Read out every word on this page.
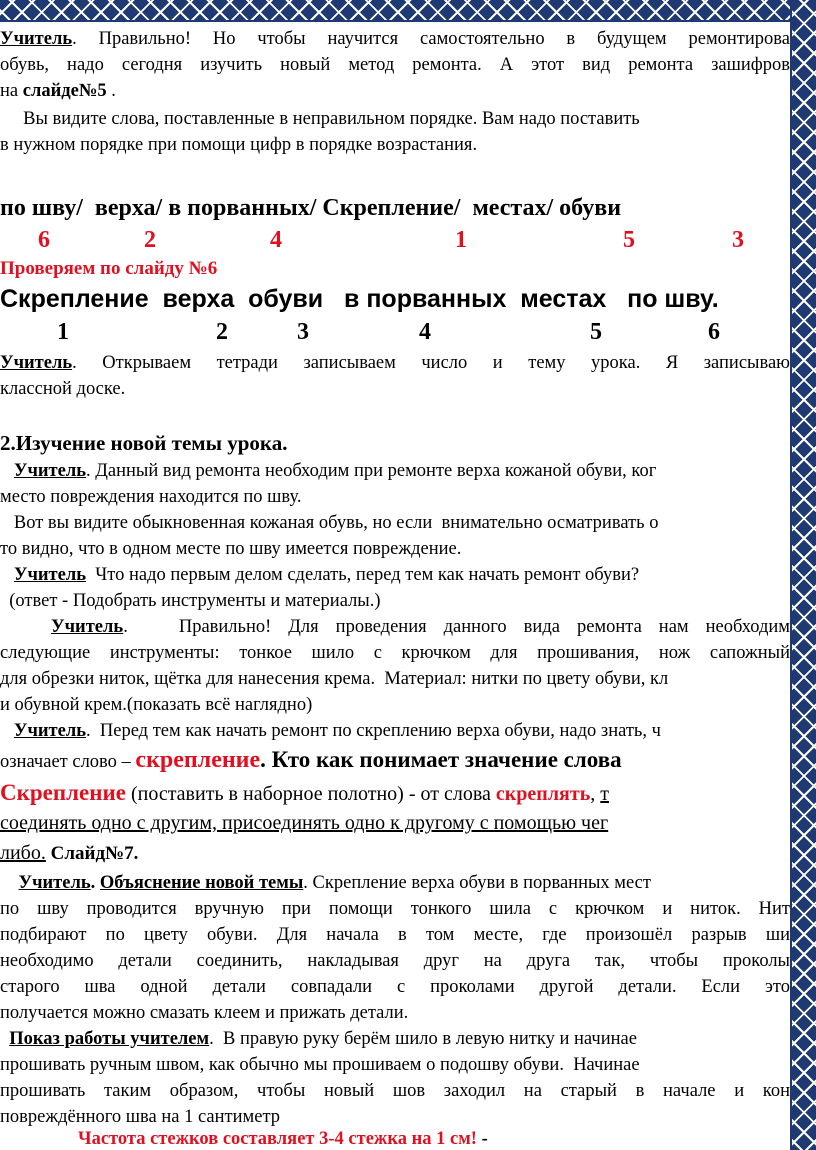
Учитель. Правильно! Но чтобы научится самостоятельно в будущем ремонтирова
обувь, надо сегодня изучить новый метод ремонта. А этот вид ремонта зашифров
на слайде№5 .
Вы видите слова, поставленные в неправильном порядке. Вам надо поставить
в нужном порядке при помощи цифр в порядке возрастания.
по шву/  верха/ в порванных/ Скрепление/  местах/ обуви
6	2	4	1	5	3
Проверяем по слайду №6
Скрепление  верха  обуви   в порванных  местах   по шву.
1	2	3	4	5	6
Учитель. Открываем тетради записываем число и тему урока. Я записываю
классной доске.
2.Изучение новой темы урока.
Учитель. Данный вид ремонта необходим при ремонте верха кожаной обуви, ког
место повреждения находится по шву.
Вот вы видите обыкновенная кожаная обувь, но если  внимательно осматривать о
то видно, что в одном месте по шву имеется повреждение.
Учитель  Что надо первым делом сделать, перед тем как начать ремонт обуви?
(ответ - Подобрать инструменты и материалы.)
Учитель.   Правильно! Для проведения данного вида ремонта нам необходим
следующие инструменты: тонкое шило с крючком для прошивания, нож сапожный
для обрезки ниток, щётка для нанесения крема.  Материал: нитки по цвету обуви, кл
и обувной крем.(показать всё наглядно)
Учитель.  Перед тем как начать ремонт по скреплению верха обуви, надо знать, ч
означает слово – скрепление. Кто как понимает значение слова
Скрепление (поставить в наборное полотно) - от слова скреплять, т
соединять одно с другим, присоединять одно к другому с помощью чег
либо. Слайд№7.
Учитель. Объяснение новой темы. Скрепление верха обуви в порванных мест
по шву проводится вручную при помощи тонкого шила с крючком и ниток. Нит
подбирают по цвету обуви. Для начала в том месте, где произошёл разрыв ши
необходимо детали соединить, накладывая друг на друга так, чтобы проколы
старого шва одной детали совпадали с проколами другой детали. Если это
получается можно смазать клеем и прижать детали.
Показ работы учителем.  В правую руку берём шило в левую нитку и начинае
прошивать ручным швом, как обычно мы прошиваем о подошву обуви.  Начинае
прошивать таким образом, чтобы новый шов заходил на старый в начале и кон
повреждённого шва на 1 сантиметр
Частота стежков составляет 3-4 стежка на 1 см! -
